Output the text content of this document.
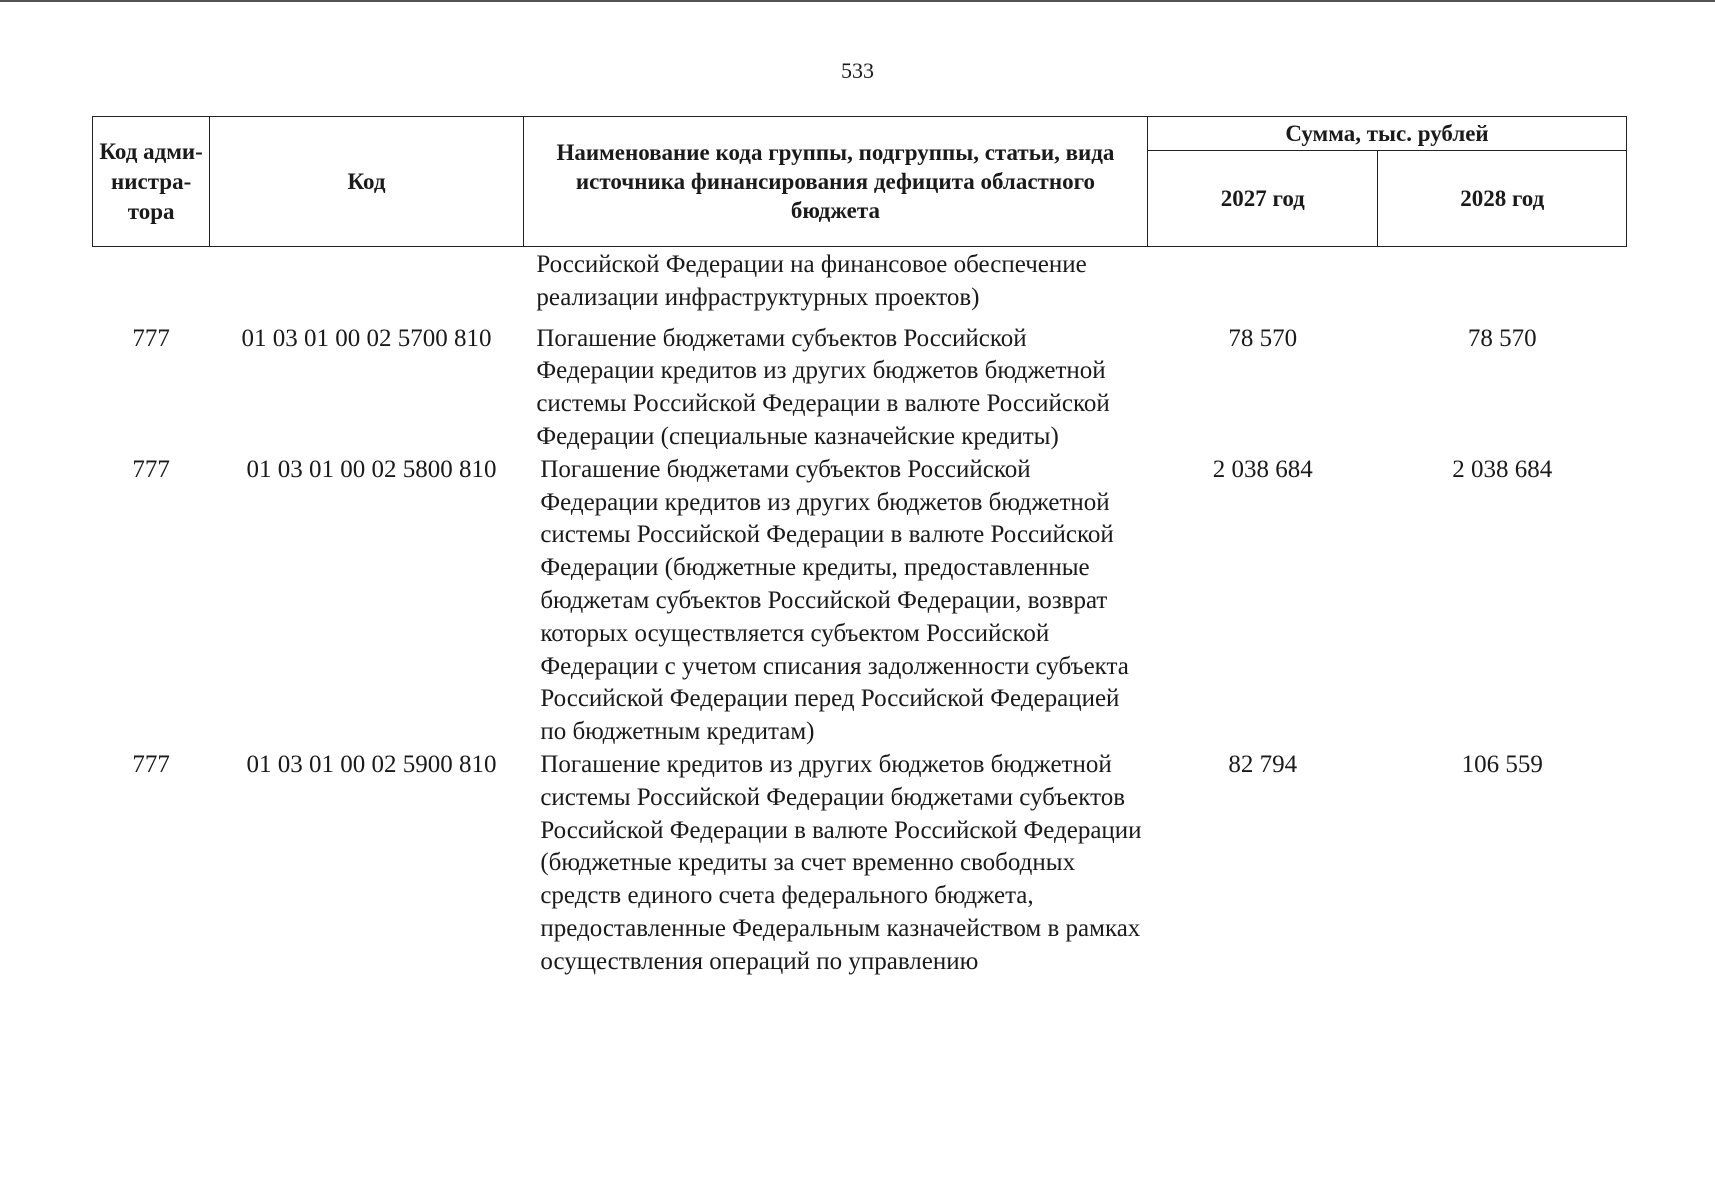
533
Код адми-нистра-тора	Код	Наименование кода группы, подгруппы, статьи, вида источника финансирования дефицита областного бюджета	Сумма, тыс. рублей	
			2027 год	2028 год
		Российской Федерации на финансовое обеспечение реализации инфраструктурных проектов)		
777	01 03 01 00 02 5700 810	Погашение бюджетами субъектов Российской Федерации кредитов из других бюджетов бюджетной системы Российской Федерации в валюте Российской Федерации (специальные казначейские кредиты)	78 570	78 570
777	01 03 01 00 02 5800 810	Погашение бюджетами субъектов Российской Федерации кредитов из других бюджетов бюджетной системы Российской Федерации в валюте Российской Федерации (бюджетные кредиты, предоставленные бюджетам субъектов Российской Федерации, возврат которых осуществляется субъектом Российской Федерации с учетом списания задолженности субъекта Российской Федерации перед Российской Федерацией по бюджетным кредитам)	2 038 684	2 038 684
777	01 03 01 00 02 5900 810	Погашение кредитов из других бюджетов бюджетной системы Российской Федерации бюджетами субъектов Российской Федерации в валюте Российской Федерации (бюджетные кредиты за счет временно свободных средств единого счета федерального бюджета, предоставленные Федеральным казначейством в рамках осуществления операций по управлению	82 794	106 559
